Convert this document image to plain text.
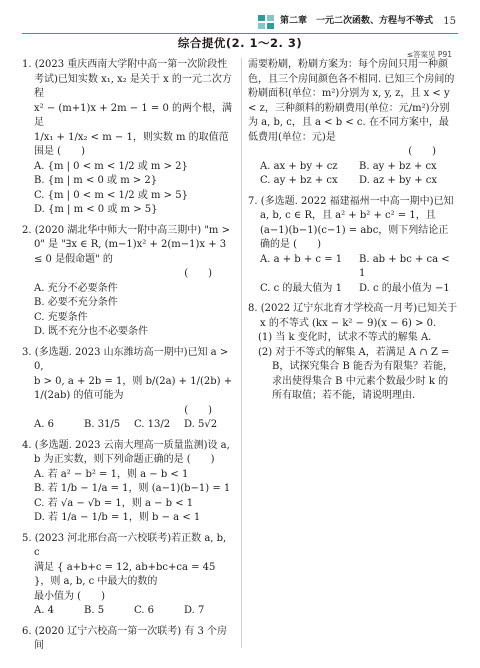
第二章　一元二次函数、方程与不等式 15
综合提优(2. 1～2. 3)
≤答案见 P91
1. (2023 重庆西南大学附中高一第一次阶段性考试)已知实数 x₁, x₂ 是关于 x 的一元二次方程
x² − (m+1)x + 2m − 1 = 0 的两个根，满足
1/x₁ + 1/x₂ < m − 1，则实数 m 的取值范围是 (　　)
A. {m | 0 < m < 1/2 或 m > 2}
B. {m | m < 0 或 m > 2}
C. {m | 0 < m < 1/2 或 m > 5}
D. {m | m < 0 或 m > 5}
2. (2020 湖北华中师大一附中高三期中) "m > 0" 是 "∃x ∈ R, (m−1)x² + 2(m−1)x + 3 ≤ 0 是假命题" 的
(　　)
A. 充分不必要条件
B. 必要不充分条件
C. 充要条件
D. 既不充分也不必要条件
3. (多选题. 2023 山东潍坊高一期中)已知 a > 0,
b > 0, a + 2b = 1，则 b/(2a) + 1/(2b) + 1/(2ab) 的值可能为
(　　)
A. 6	B. 31/5	C. 13/2	D. 5√2
4. (多选题. 2023 云南大理高一质量监测)设 a, b 为正实数，则下列命题正确的是 (　　)
A. 若 a² − b² = 1，则 a − b < 1
B. 若 1/b − 1/a = 1，则 (a−1)(b−1) = 1
C. 若 √a − √b = 1，则 a − b < 1
D. 若 1/a − 1/b = 1，则 b − a < 1
5. (2023 河北邢台高一六校联考)若正数 a, b, c
满足 { a+b+c = 12, ab+bc+ca = 45 }，则 a, b, c 中最大的数的
最小值为 (　　)
A. 4	B. 5	C. 6	D. 7
6. (2020 辽宁六校高一第一次联考) 有 3 个房间
需要粉刷，粉刷方案为：每个房间只用一种颜色，且三个房间颜色各不相同. 已知三个房间的粉刷面积(单位：m²)分别为 x, y, z，且 x < y < z，三种颜料的粉刷费用(单位：元/m²)分别为 a, b, c，且 a < b < c. 在不同方案中，最低费用(单位：元)是
(　　)
A. ax + by + cz	B. ay + bz + cx
C. ay + bz + cx	D. az + by + cx
7. (多选题. 2022 福建福州一中高一期中)已知 a, b, c ∈ R，且 a² + b² + c² = 1，且 (a−1)(b−1)(c−1) = abc，则下列结论正确的是 (　　)
A. a + b + c = 1	B. ab + bc + ca < 1
C. c 的最大值为 1	D. c 的最小值为 −1
8. (2022 辽宁东北育才学校高一月考)已知关于 x 的不等式 (kx − k² − 9)(x − 6) > 0.
(1) 当 k 变化时，试求不等式的解集 A.
(2) 对于不等式的解集 A，若满足 A ∩ Z = B，试探究集合 B 能否为有限集？若能，求出使得集合 B 中元素个数最少时 k 的所有取值；若不能，请说明理由.
